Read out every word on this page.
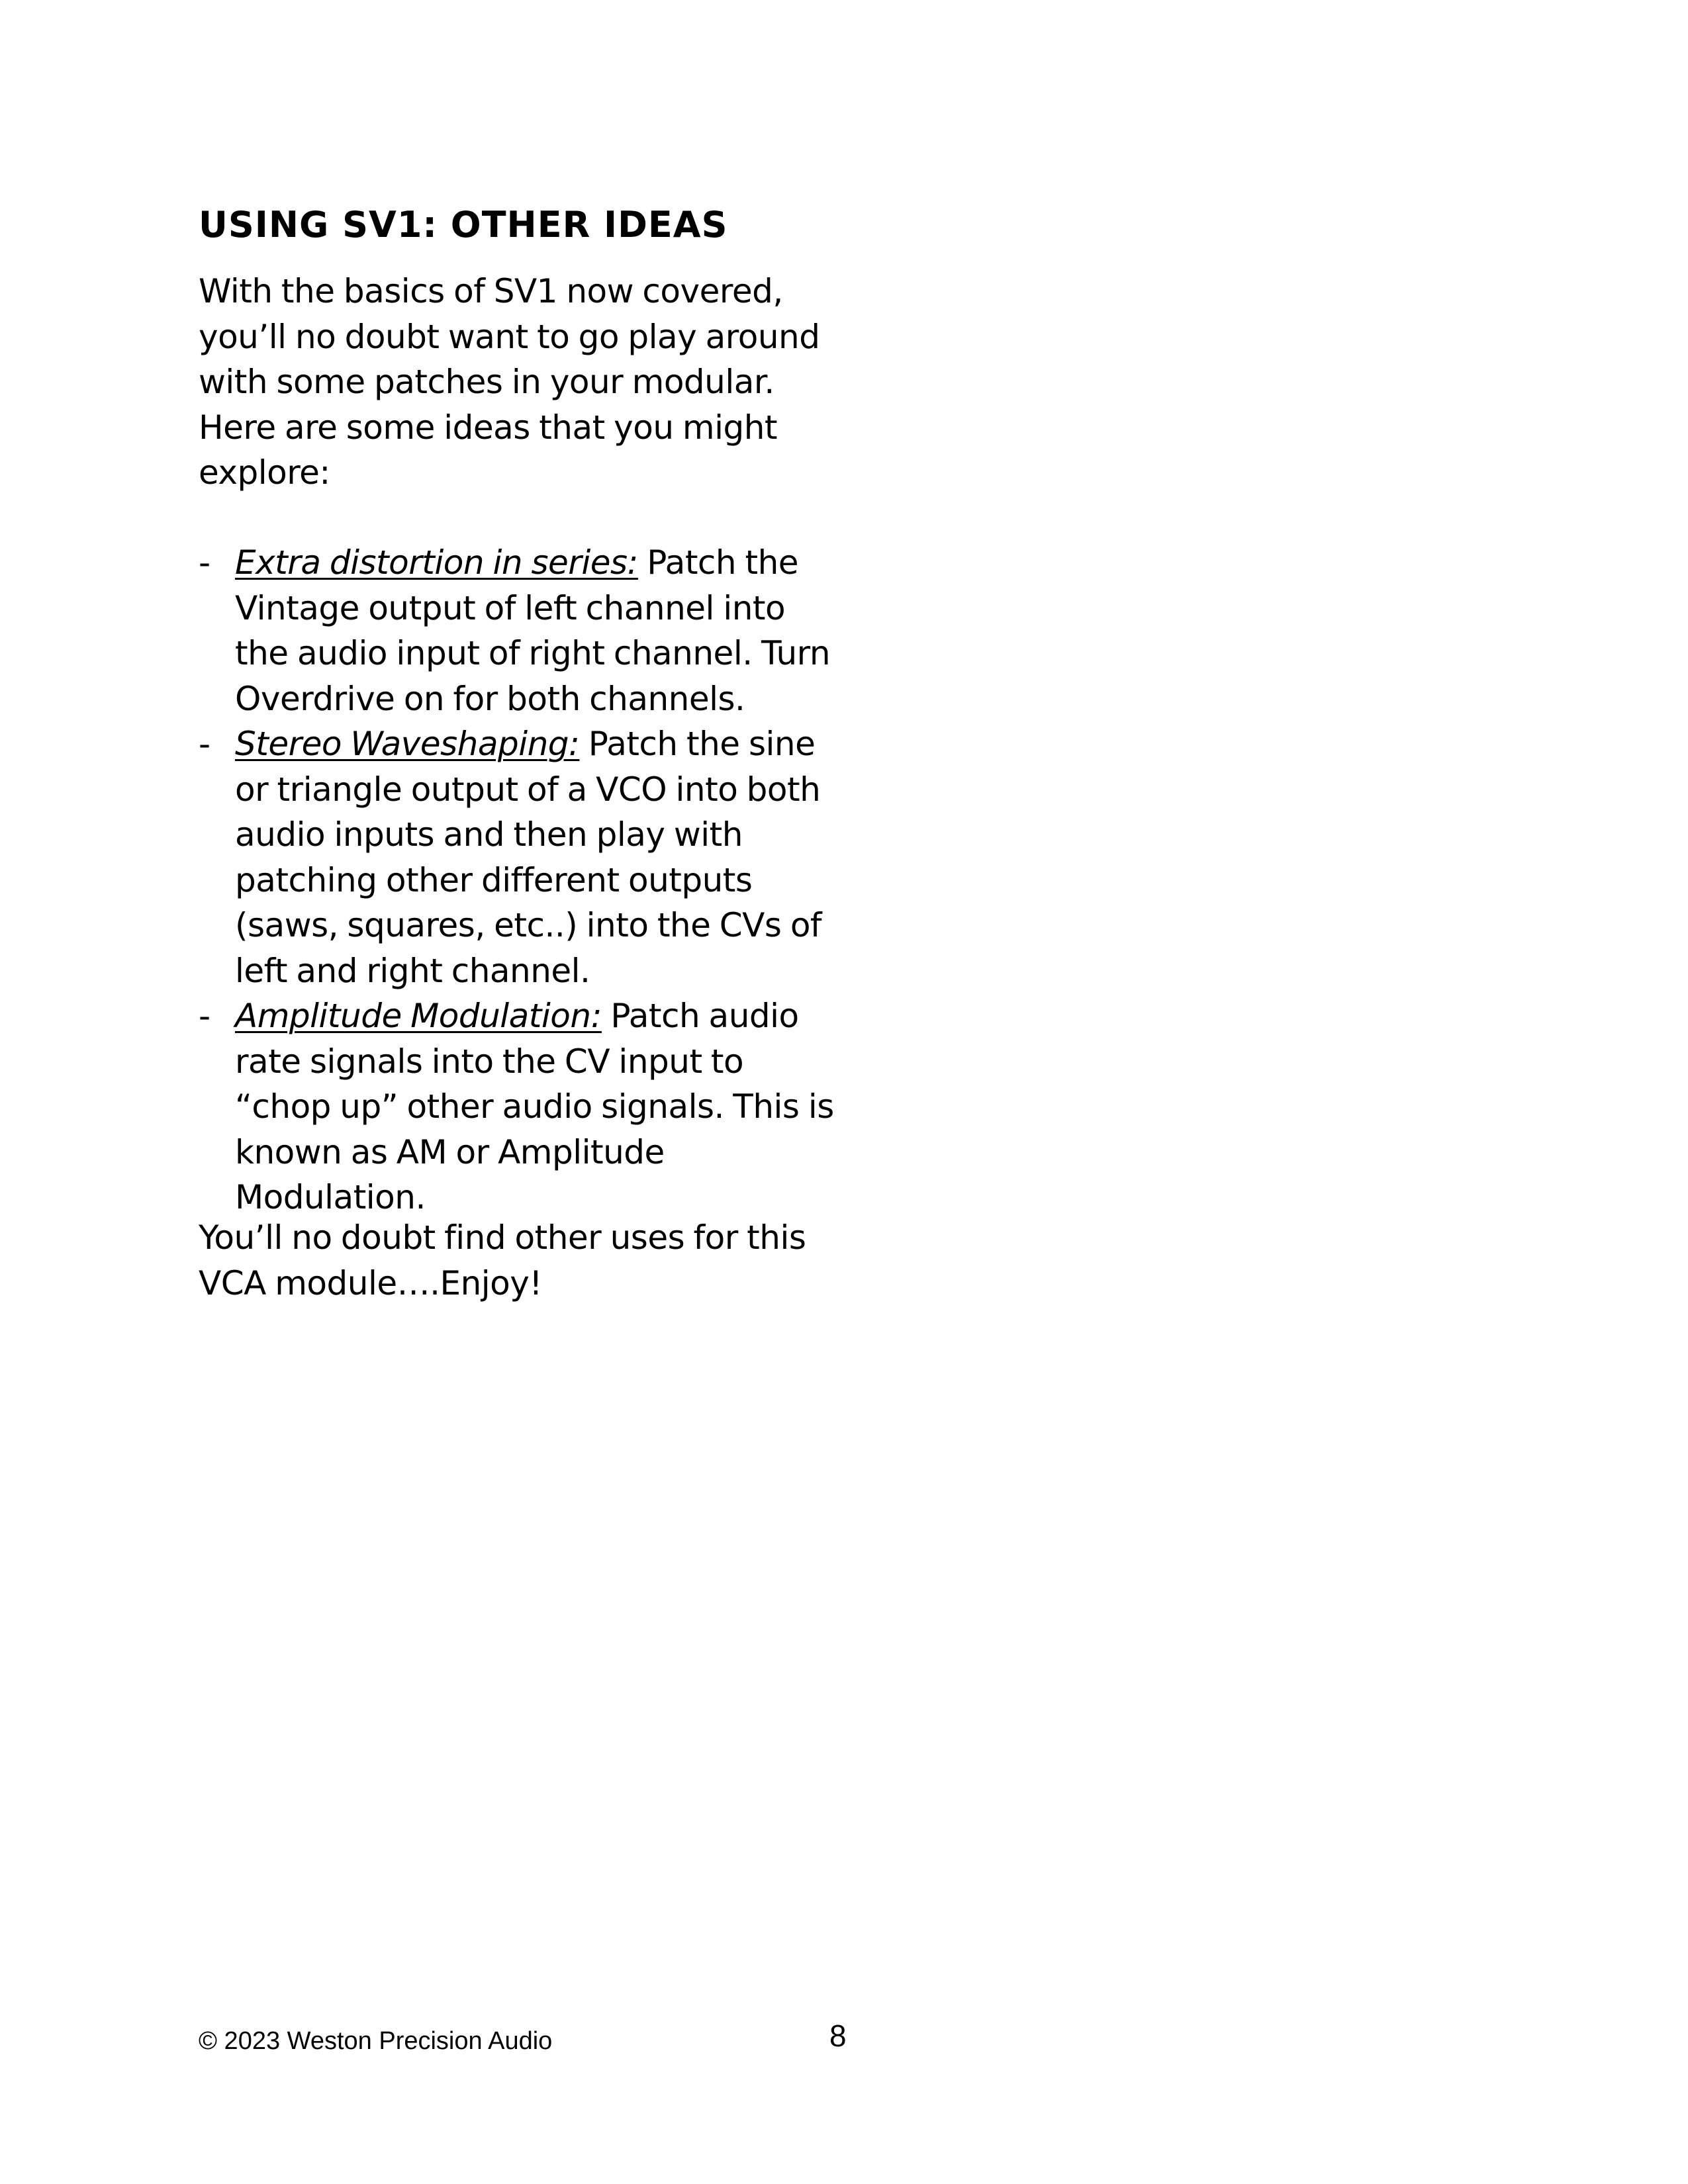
USING SV1: OTHER IDEAS

With the basics of SV1 now covered, you’ll no doubt want to go play around with some patches in your modular. Here are some ideas that you might explore:

- Extra distortion in series: Patch the Vintage output of left channel into the audio input of right channel. Turn Overdrive on for both channels.
- Stereo Waveshaping: Patch the sine or triangle output of a VCO into both audio inputs and then play with patching other different outputs (saws, squares, etc..) into the CVs of left and right channel.
- Amplitude Modulation: Patch audio rate signals into the CV input to “chop up” other audio signals. This is known as AM or Amplitude Modulation.

You’ll no doubt find other uses for this VCA module….Enjoy!

© 2023 Weston Precision Audio	8
